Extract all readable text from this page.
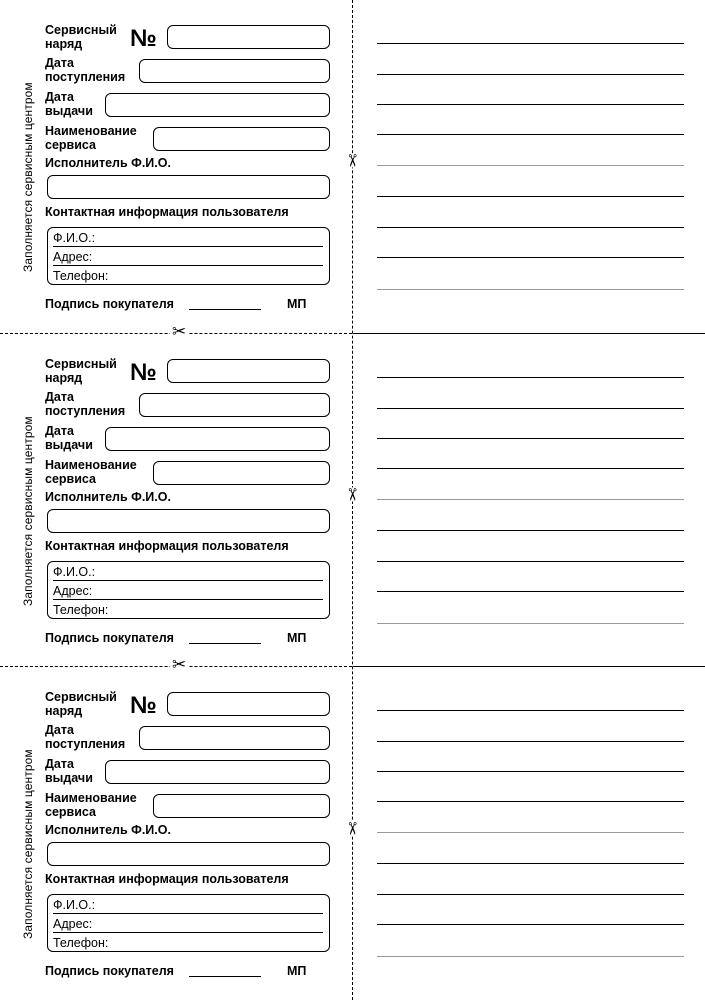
✂
✂
✂
✂
✂
Заполняется сервисным центром
Сервисный
наряд	№
Дата
поступления
Дата
выдачи
Наименование
сервиса
Исполнитель Ф.И.О.
Контактная информация пользователя
Ф.И.О.:
Адрес:
Телефон:
Подпись покупателя	МП
Заполняется сервисным центром
Сервисный
наряд	№
Дата
поступления
Дата
выдачи
Наименование
сервиса
Исполнитель Ф.И.О.
Контактная информация пользователя
Ф.И.О.:
Адрес:
Телефон:
Подпись покупателя	МП
Заполняется сервисным центром
Сервисный
наряд	№
Дата
поступления
Дата
выдачи
Наименование
сервиса
Исполнитель Ф.И.О.
Контактная информация пользователя
Ф.И.О.:
Адрес:
Телефон:
Подпись покупателя	МП
